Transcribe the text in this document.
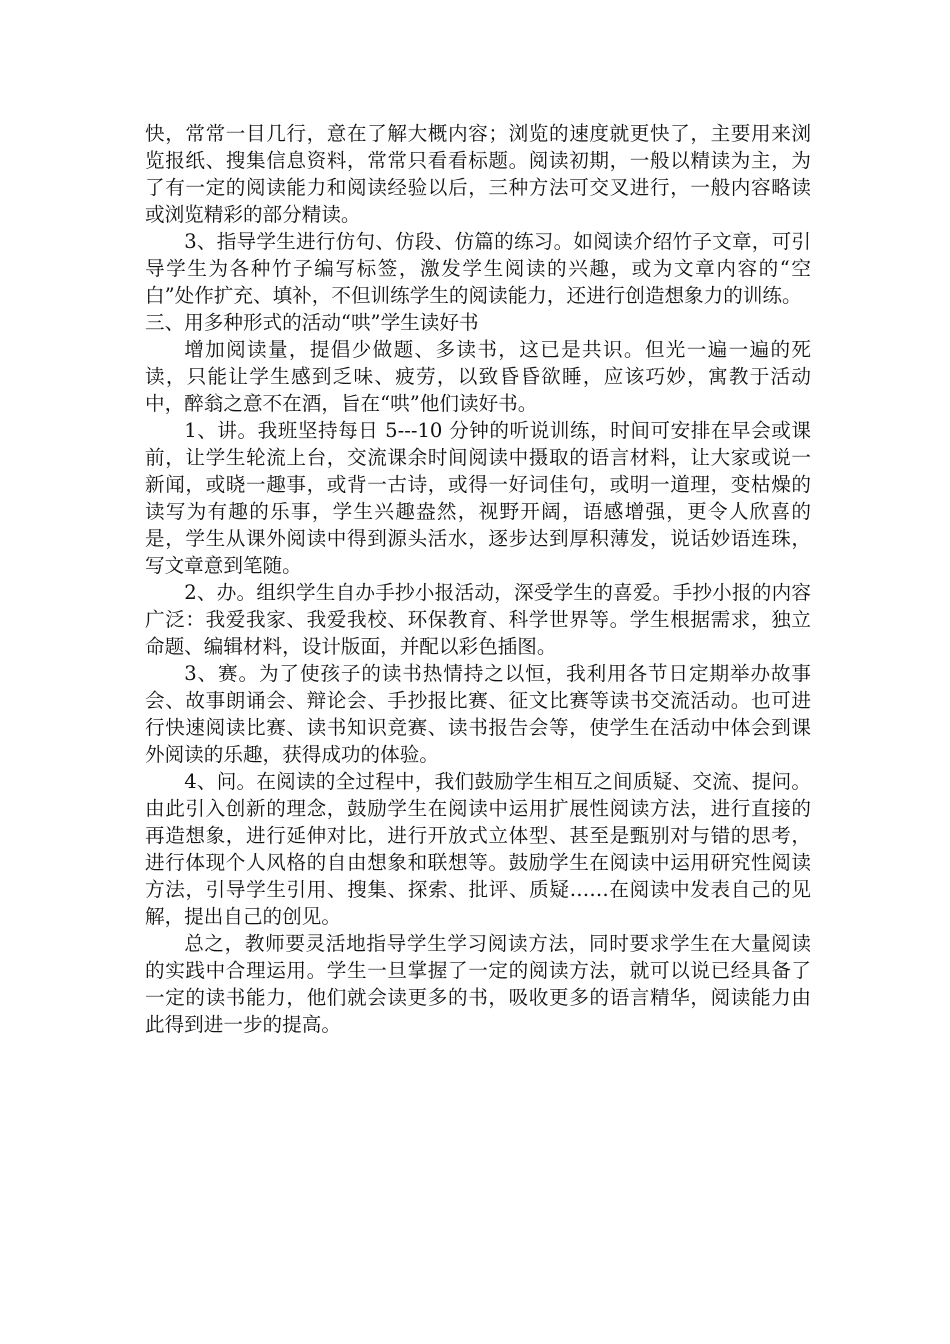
快，常常一目几行，意在了解大概内容；浏览的速度就更快了，主要用来浏览报纸、搜集信息资料，常常只看看标题。阅读初期，一般以精读为主，为了有一定的阅读能力和阅读经验以后，三种方法可交叉进行，一般内容略读或浏览精彩的部分精读。

3、指导学生进行仿句、仿段、仿篇的练习。如阅读介绍竹子文章，可引导学生为各种竹子编写标签，激发学生阅读的兴趣，或为文章内容的“空白”处作扩充、填补，不但训练学生的阅读能力，还进行创造想象力的训练。

三、用多种形式的活动“哄”学生读好书

增加阅读量，提倡少做题、多读书，这已是共识。但光一遍一遍的死读，只能让学生感到乏味、疲劳，以致昏昏欲睡，应该巧妙，寓教于活动中，醉翁之意不在酒，旨在“哄”他们读好书。

1、讲。我班坚持每日 5---10 分钟的听说训练，时间可安排在早会或课前，让学生轮流上台，交流课余时间阅读中摄取的语言材料，让大家或说一新闻，或晓一趣事，或背一古诗，或得一好词佳句，或明一道理，变枯燥的读写为有趣的乐事，学生兴趣盎然，视野开阔，语感增强，更令人欣喜的是，学生从课外阅读中得到源头活水，逐步达到厚积薄发，说话妙语连珠，写文章意到笔随。

2、办。组织学生自办手抄小报活动，深受学生的喜爱。手抄小报的内容广泛：我爱我家、我爱我校、环保教育、科学世界等。学生根据需求，独立命题、编辑材料，设计版面，并配以彩色插图。

3、赛。为了使孩子的读书热情持之以恒，我利用各节日定期举办故事会、故事朗诵会、辩论会、手抄报比赛、征文比赛等读书交流活动。也可进行快速阅读比赛、读书知识竞赛、读书报告会等，使学生在活动中体会到课外阅读的乐趣，获得成功的体验。

4、问。在阅读的全过程中，我们鼓励学生相互之间质疑、交流、提问。由此引入创新的理念，鼓励学生在阅读中运用扩展性阅读方法，进行直接的再造想象，进行延伸对比，进行开放式立体型、甚至是甄别对与错的思考，进行体现个人风格的自由想象和联想等。鼓励学生在阅读中运用研究性阅读方法，引导学生引用、搜集、探索、批评、质疑……在阅读中发表自己的见解，提出自己的创见。

总之，教师要灵活地指导学生学习阅读方法，同时要求学生在大量阅读的实践中合理运用。学生一旦掌握了一定的阅读方法，就可以说已经具备了一定的读书能力，他们就会读更多的书，吸收更多的语言精华，阅读能力由此得到进一步的提高。
